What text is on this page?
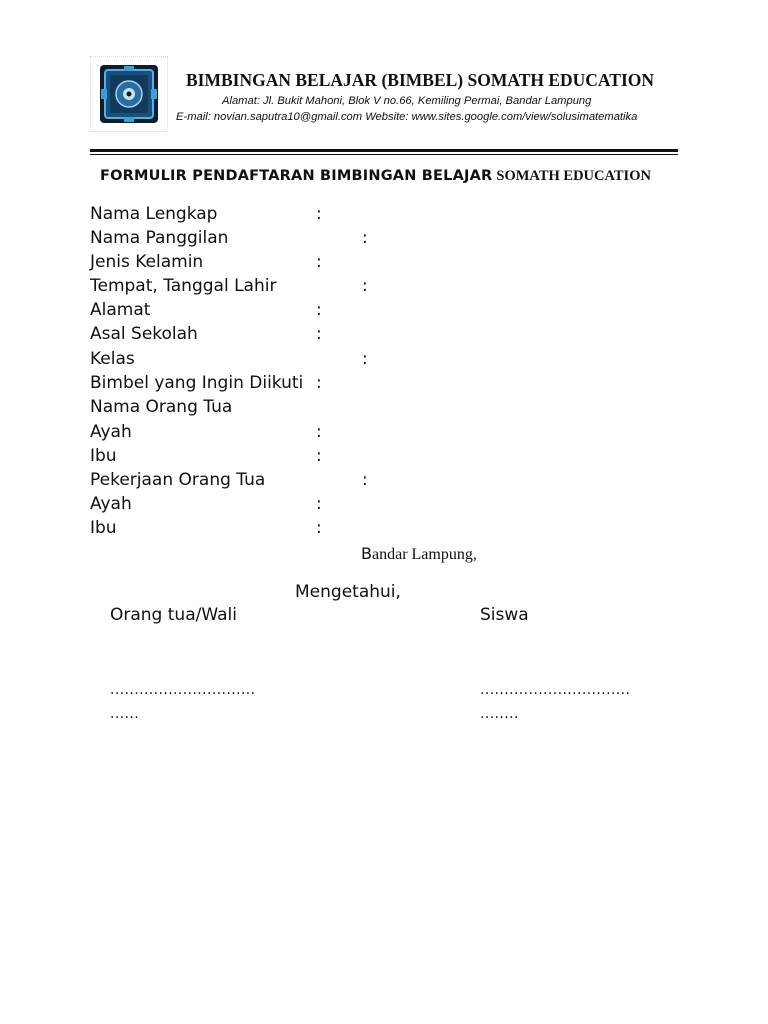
BIMBINGAN BELAJAR (BIMBEL) SOMATH EDUCATION
Alamat: Jl. Bukit Mahoni, Blok V no.66, Kemiling Permai, Bandar Lampung
E-mail: novian.saputra10@gmail.com Website: www.sites.google.com/view/solusimatematika
FORMULIR PENDAFTARAN BIMBINGAN BELAJAR SOMATH EDUCATION
Nama Lengkap	:
Nama Panggilan	:
Jenis Kelamin	:
Tempat, Tanggal Lahir	:
Alamat	:
Asal Sekolah	:
Kelas	:
Bimbel yang Ingin Diikuti :
Nama Orang Tua
Ayah	:
Ibu	:
Pekerjaan Orang Tua	:
Ayah	:
Ibu	:
Bandar Lampung,
Mengetahui,
Orang tua/Wali	Siswa
..............................
......
...............................
........
